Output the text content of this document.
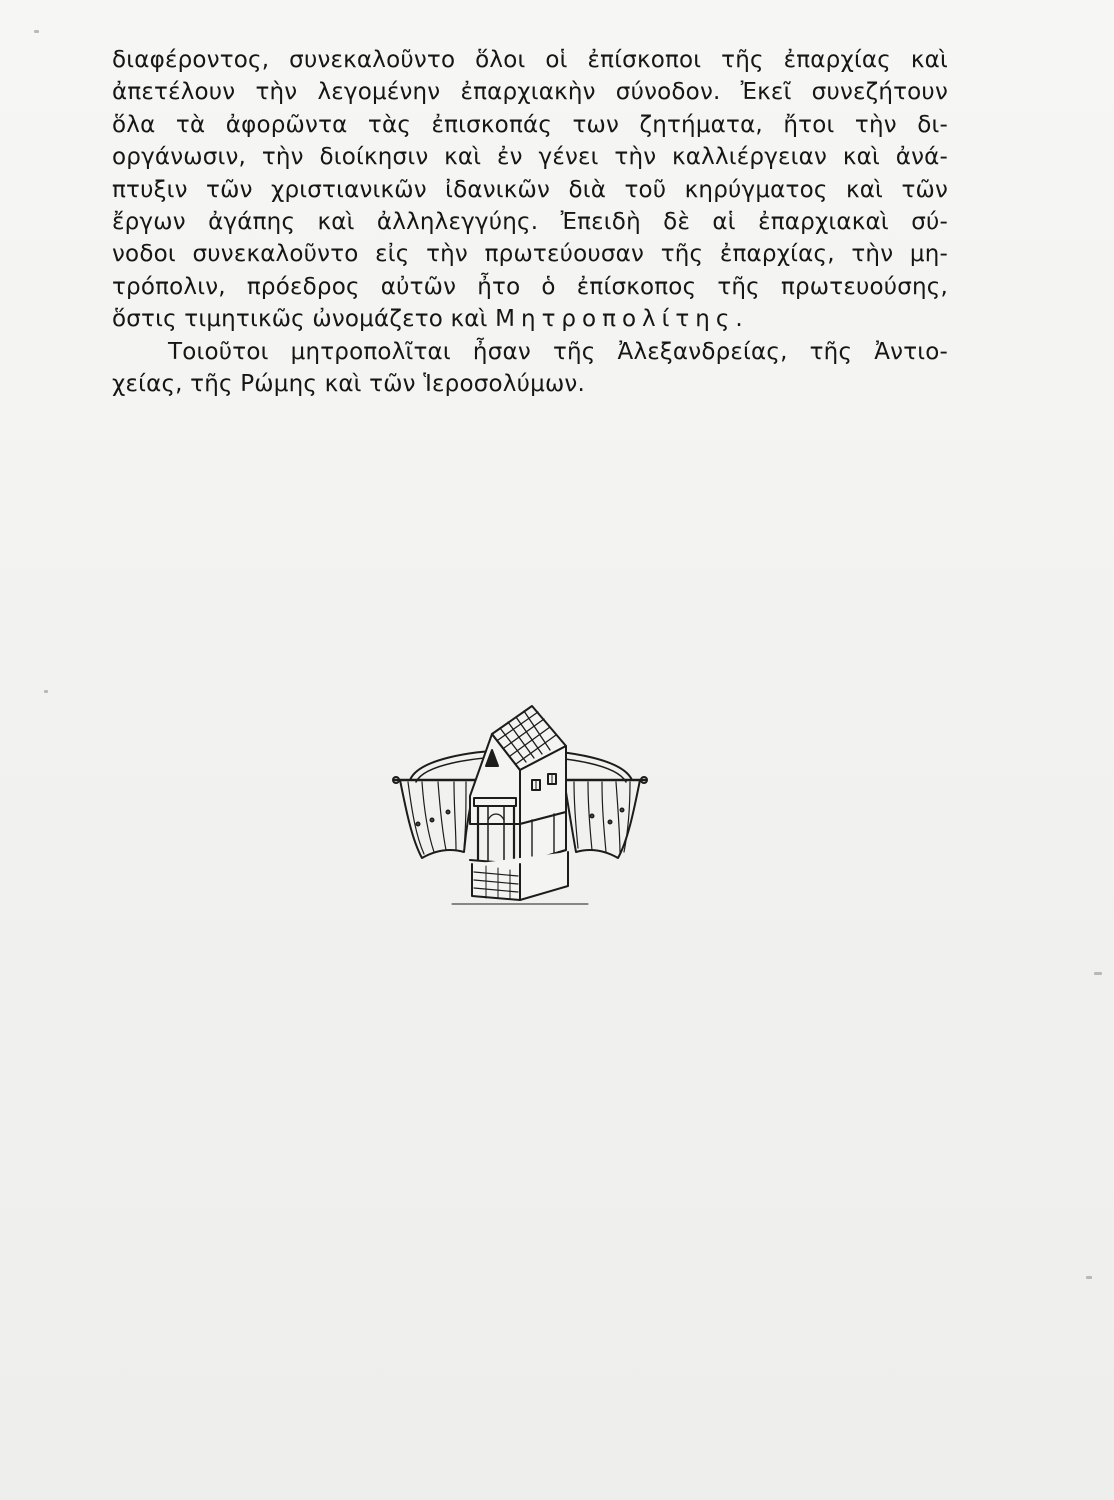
διαφέροντος, συνεκαλοῦντο ὅλοι οἱ ἐπίσκοποι τῆς ἐπαρχίας καὶ
ἀπετέλουν τὴν λεγομένην ἐπαρχιακὴν σύνοδον. Ἐκεῖ συνεζήτουν
ὅλα τὰ ἀφορῶντα τὰς ἐπισκοπάς των ζητήματα, ἤτοι τὴν δι-
οργάνωσιν, τὴν διοίκησιν καὶ ἐν γένει τὴν καλλιέργειαν καὶ ἀνά-
πτυξιν τῶν χριστιανικῶν ἰδανικῶν διὰ τοῦ κηρύγματος καὶ τῶν
ἔργων ἀγάπης καὶ ἀλληλεγγύης. Ἐπειδὴ δὲ αἱ ἐπαρχιακαὶ σύ-
νοδοι συνεκαλοῦντο εἰς τὴν πρωτεύουσαν τῆς ἐπαρχίας, τὴν μη-
τρόπολιν, πρόεδρος αὐτῶν ἦτο ὁ ἐπίσκοπος τῆς πρωτευούσης,
ὅστις τιμητικῶς ὠνομάζετο καὶ Μητροπολίτης.
Τοιοῦτοι μητροπολῖται ἦσαν τῆς Ἀλεξανδρείας, τῆς Ἀντιο-
χείας, τῆς Ρώμης καὶ τῶν Ἱεροσολύμων.
